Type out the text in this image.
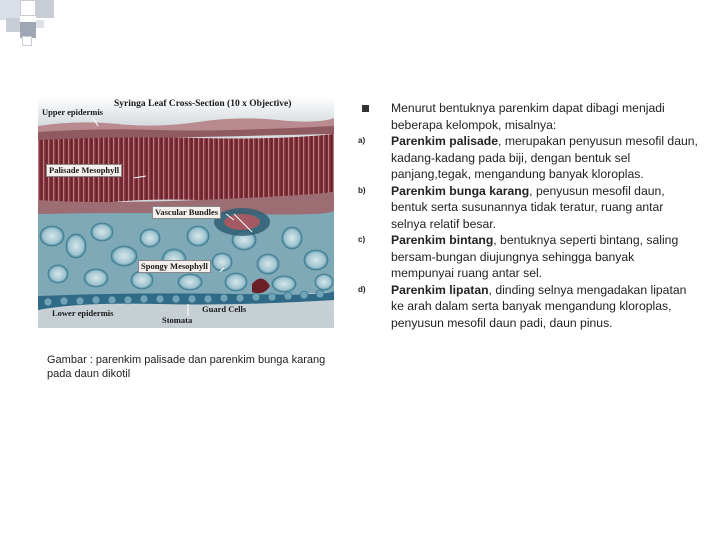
Syringa Leaf Cross-Section (10 x Objective)
Upper epidermis
Palisade Mesophyll
Vascular Bundles
Spongy Mesophyll
Lower epidermis
Stomata
Guard Cells
Gambar : parenkim palisade dan parenkim bunga karang pada daun dikotil
Menurut bentuknya parenkim dapat dibagi menjadi beberapa kelompok, misalnya:
a)	Parenkim palisade, merupakan penyusun mesofil daun, kadang-kadang pada biji, dengan bentuk sel panjang,tegak, mengandung banyak kloroplas.
b)	Parenkim bunga karang, penyusun mesofil daun, bentuk serta susunannya tidak teratur, ruang antar selnya relatif besar.
c)	Parenkim bintang, bentuknya seperti bintang, saling bersam-bungan diujungnya sehingga banyak mempunyai ruang antar sel.
d)	Parenkim lipatan, dinding selnya mengadakan lipatan ke arah dalam serta banyak mengandung kloroplas, penyusun mesofil daun padi, daun pinus.
